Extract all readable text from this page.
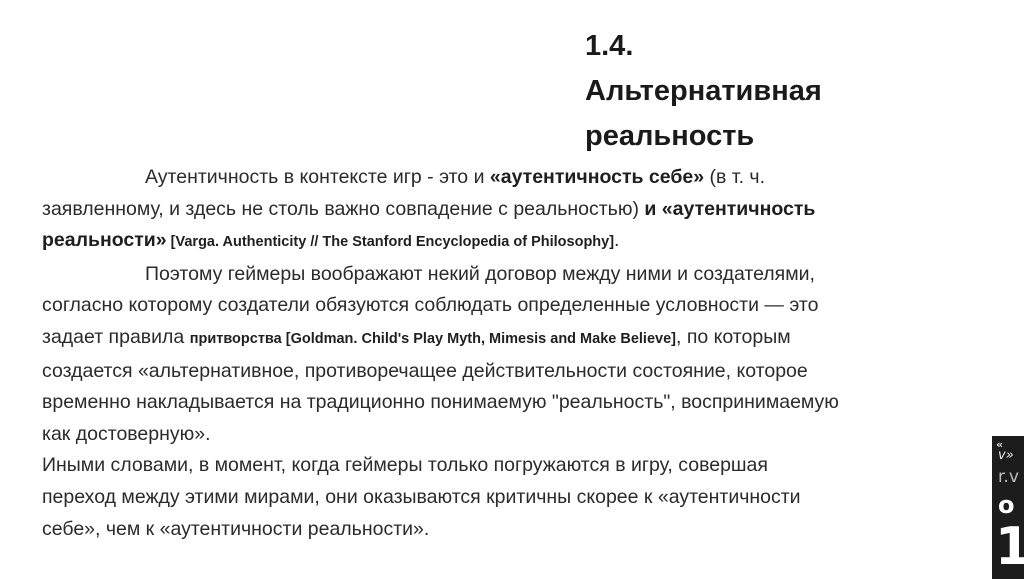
1.4.
Альтернативная
реальность

Аутентичность в контексте игр - это и «аутентичность себе» (в т. ч.

заявленному, и здесь не столь важно совпадение с реальностью) и «аутентичность

реальности» [Varga. Authenticity // The Stanford Encyclopedia of Philosophy].

Поэтому геймеры воображают некий договор между ними и создателями,

согласно которому создатели обязуются соблюдать определенные условности — это

задает правила притворства [Goldman. Child's Play Myth, Mimesis and Make Believe], по которым

создается «альтернативное, противоречащее действительности состояние, которое

временно накладывается на традиционно понимаемую "реальность", воспринимаемую

как достоверную».

Иными словами, в момент, когда геймеры только погружаются в игру, совершая

переход между этими мирами, они оказываются критичны скорее к «аутентичности

себе», чем к «аутентичности реальности».

«
v»
r.v
о
1
